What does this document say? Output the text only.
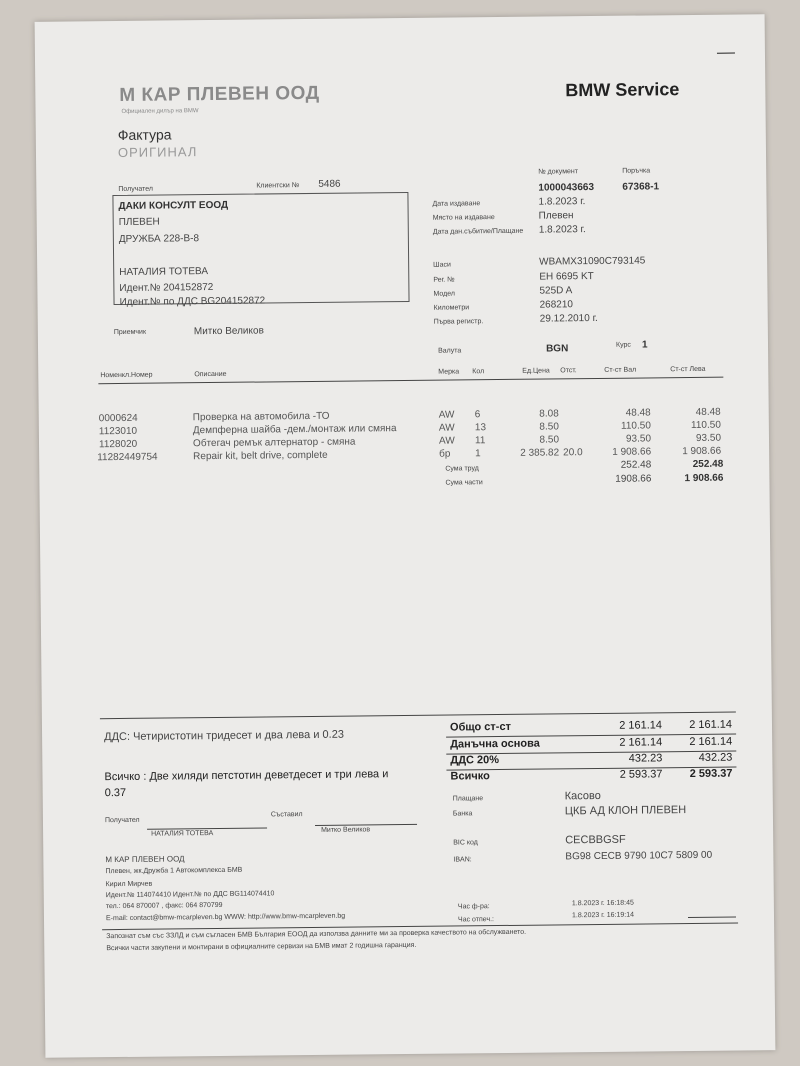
М КАР ПЛЕВЕН ООД
Официален дилър на BMW
BMW Service
Фактура
ОРИГИНАЛ
№ документ	Поръчка
1000043663	67368-1
Дата издаване	1.8.2023 г.
Място на издаване	Плевен
Дата дан.събитие/Плащане 1.8.2023 г.
Получател	Клиентски № 5486
ДАКИ КОНСУЛТ ЕООД
ПЛЕВЕН
ДРУЖБА 228-В-8
НАТАЛИЯ ТОТЕВА
Идент.№ 204152872
Идент.№ по ДДС BG204152872
Приемчик	Митко Великов
Шаси	WBAMX31090C793145
Рег. №	EH 6695 KT
Модел	525D A
Километри	268210
Първа регистр.	29.12.2010 г.
Валута	BGN	Курс 1
Номенкл.Номер	Описание	Мерка Кол	Ед.Цена Отст.	Ст-ст Вал	Ст-ст Лева
0000624	Проверка на автомобила -ТО	AW 6	8.08	48.48	48.48
1123010	Демпферна шайба -дем./монтаж или смяна	AW 13	8.50	110.50	110.50
1128020	Обтегач ремък алтернатор - смяна	AW 11	8.50	93.50	93.50
11282449754	Repair kit, belt drive, complete	бр 1	2 385.82 20.0	1 908.66	1 908.66
Сума труд	252.48	252.48
Сума части	1908.66	1 908.66
ДДС: Четиристотин тридесет и два лева и 0.23
Всичко : Две хиляди петстотин деветдесет и три лева и
0.37
Общо ст-ст	2 161.14	2 161.14
Данъчна основа	2 161.14	2 161.14
ДДС 20%	432.23	432.23
Всичко	2 593.37	2 593.37
Плащане	Касово
Банка	ЦКБ АД КЛОН ПЛЕВЕН
BIC код	CECBBGSF
IBAN:	BG98 CECB 9790 10C7 5809 00
Получател
Съставил
НАТАЛИЯ ТОТЕВА	Митко Великов
М КАР ПЛЕВЕН ООД
Плевен, жк.Дружба 1 Автокомплекса БМВ
Кирил Мирчев
Идент.№ 114074410 Идент.№ по ДДС BG114074410
тел.: 064 870007 , факс: 064 870799
E-mail: contact@bmw-mcarpleven.bg WWW: http://www.bmw-mcarpleven.bg
Час ф-ра:	1.8.2023 г. 16:18:45
Час отпеч.:
1.8.2023 г. 16:19:14
Запознат съм със ЗЗЛД и съм съгласен БМВ България ЕООД да използва данните ми за проверка качеството на обслужването.
Всички части закупени и монтирани в официалните сервизи на БМВ имат 2 годишна гаранция.
